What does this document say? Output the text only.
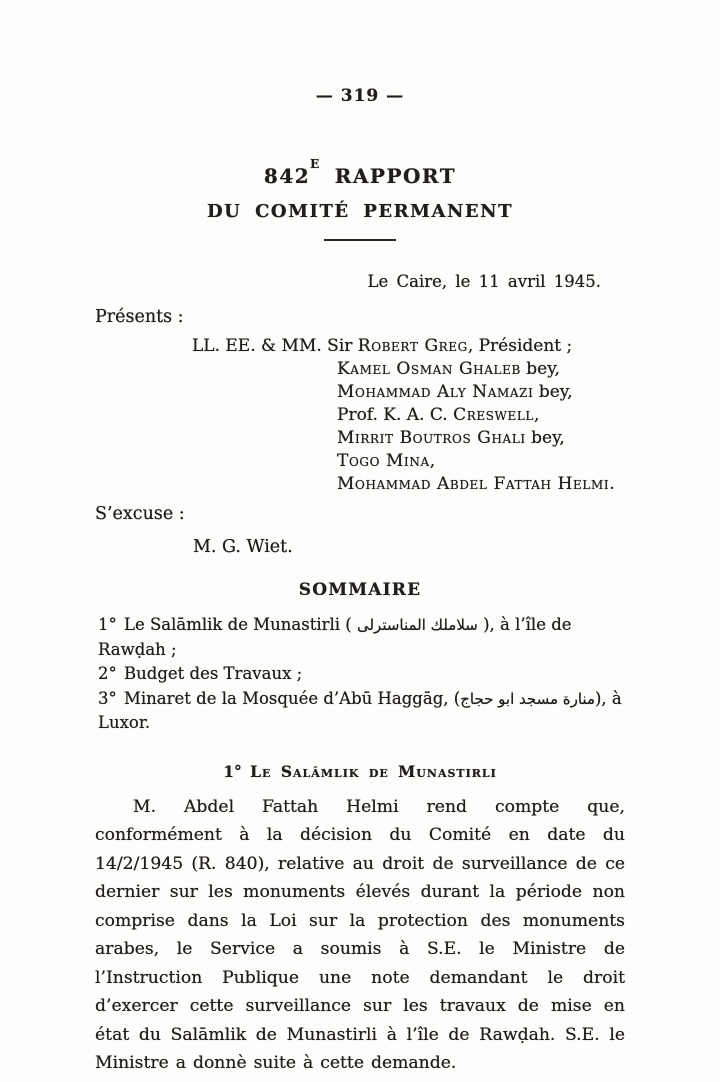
— 319 —
$842^E$ RAPPORT
DU COMITÉ PERMANENT
Le Caire, le 11 avril 1945.
Présents :
LL. EE. & MM. Sir Robert Greg, Président ;
Kamel Osman Ghaleb bey,
Mohammad Aly Namazi bey,
Prof. K. A. C. Creswell,
Mirrit Boutros Ghali bey,
Togo Mina,
Mohammad Abdel Fattah Helmi.
S’excuse :
M. G. Wiet.
SOMMAIRE
1° Le Salāmlik de Munastirli ( سلاملك المناسترلى ), à l’île de Rawḍah ;
2° Budget des Travaux ;
3° Minaret de la Mosquée d’Abū Haggāg, (منارة مسجد ابو حجاج), à Luxor.
1° Le Salāmlik de Munastirli

M. Abdel Fattah Helmi rend compte que, conformément à la décision du Comité en date du 14/2/1945 (R. 840), relative au droit de surveillance de ce dernier sur les monuments élevés durant la période non comprise dans la Loi sur la protection des monuments arabes, le Service a soumis à S.E. le Ministre de l’Instruction Publique une note demandant le droit d’exercer cette surveillance sur les travaux de mise en état du Salāmlik de Munastirli à l’île de Rawḍah. S.E. le Ministre a donnè suite à cette demande.
